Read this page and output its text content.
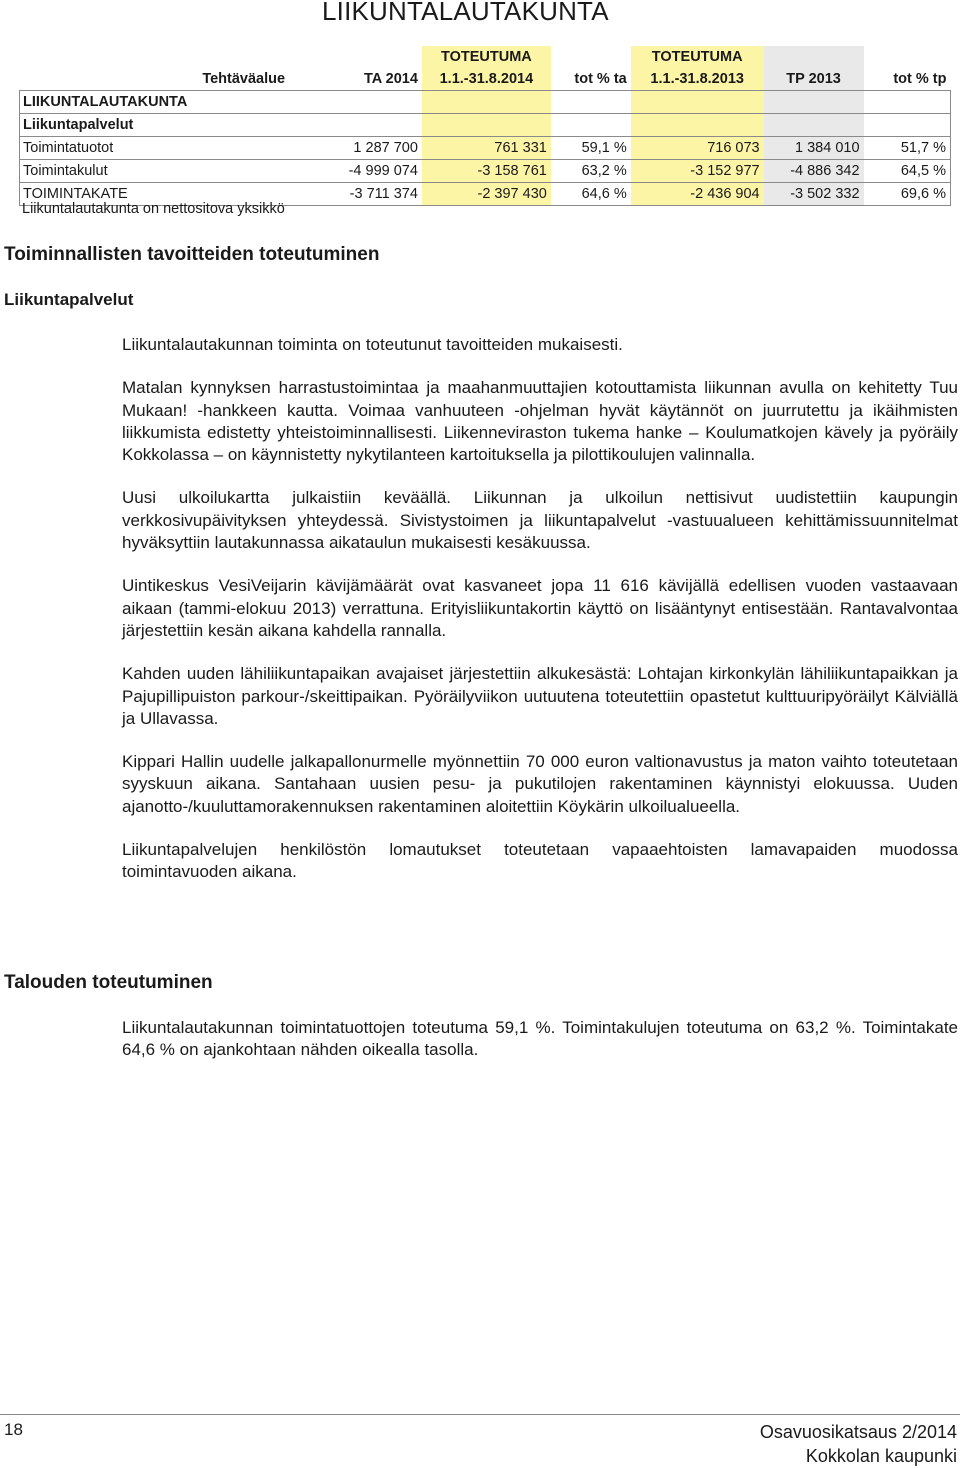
LIIKUNTALAUTAKUNTA
		TOTEUTUMA		TOTEUTUMA		
Tehtäväalue	TA 2014	1.1.-31.8.2014	tot % ta	1.1.-31.8.2013	TP 2013	tot % tp
LIIKUNTALAUTAKUNTA						
Liikuntapalvelut						
Toimintatuotot	1 287 700	761 331	59,1 %	716 073	1 384 010	51,7 %
Toimintakulut	-4 999 074	-3 158 761	63,2 %	-3 152 977	-4 886 342	64,5 %
TOIMINTAKATE	-3 711 374	-2 397 430	64,6 %	-2 436 904	-3 502 332	69,6 %
Liikuntalautakunta on nettositova yksikkö
Toiminnallisten tavoitteiden toteutuminen
Liikuntapalvelut

Liikuntalautakunnan toiminta on toteutunut tavoitteiden mukaisesti.

Matalan kynnyksen harrastustoimintaa ja maahanmuuttajien kotouttamista liikunnan avulla on kehitetty Tuu Mukaan! -hankkeen kautta. Voimaa vanhuuteen -ohjelman hyvät käytännöt on juurrutettu ja ikäihmisten liikkumista edistetty yhteistoiminnallisesti. Liikenneviraston tukema hanke – Koulumatkojen kävely ja pyöräily Kokkolassa – on käynnistetty nykytilanteen kartoituksella ja pilottikoulujen valinnalla.

Uusi ulkoilukartta julkaistiin keväällä. Liikunnan ja ulkoilun nettisivut uudistettiin kaupungin verkkosivupäivityksen yhteydessä. Sivistystoimen ja liikuntapalvelut -vastuualueen kehittämissuunnitelmat hyväksyttiin lautakunnassa aikataulun mukaisesti kesäkuussa.

Uintikeskus VesiVeijarin kävijämäärät ovat kasvaneet jopa 11 616 kävijällä edellisen vuoden vastaavaan aikaan (tammi-elokuu 2013) verrattuna. Erityisliikuntakortin käyttö on lisääntynyt entisestään. Rantavalvontaa järjestettiin kesän aikana kahdella rannalla.

Kahden uuden lähiliikuntapaikan avajaiset järjestettiin alkukesästä: Lohtajan kirkonkylän lähiliikuntapaikkan ja Pajupillipuiston parkour-/skeittipaikan. Pyöräilyviikon uutuutena toteutettiin opastetut kulttuuripyöräilyt Kälviällä ja Ullavassa.

Kippari Hallin uudelle jalkapallonurmelle myönnettiin 70 000 euron valtionavustus ja maton vaihto toteutetaan syyskuun aikana. Santahaan uusien pesu- ja pukutilojen rakentaminen käynnistyi elokuussa. Uuden ajanotto-/kuuluttamorakennuksen rakentaminen aloitettiin Köykärin ulkoilualueella.

Liikuntapalvelujen henkilöstön lomautukset toteutetaan vapaaehtoisten lamavapaiden muodossa toimintavuoden aikana.

Talouden toteutuminen

Liikuntalautakunnan toimintatuottojen toteutuma 59,1 %. Toimintakulujen toteutuma on 63,2 %. Toimintakate 64,6 % on ajankohtaan nähden oikealla tasolla.

18	Osavuosikatsaus 2/2014
Kokkolan kaupunki
